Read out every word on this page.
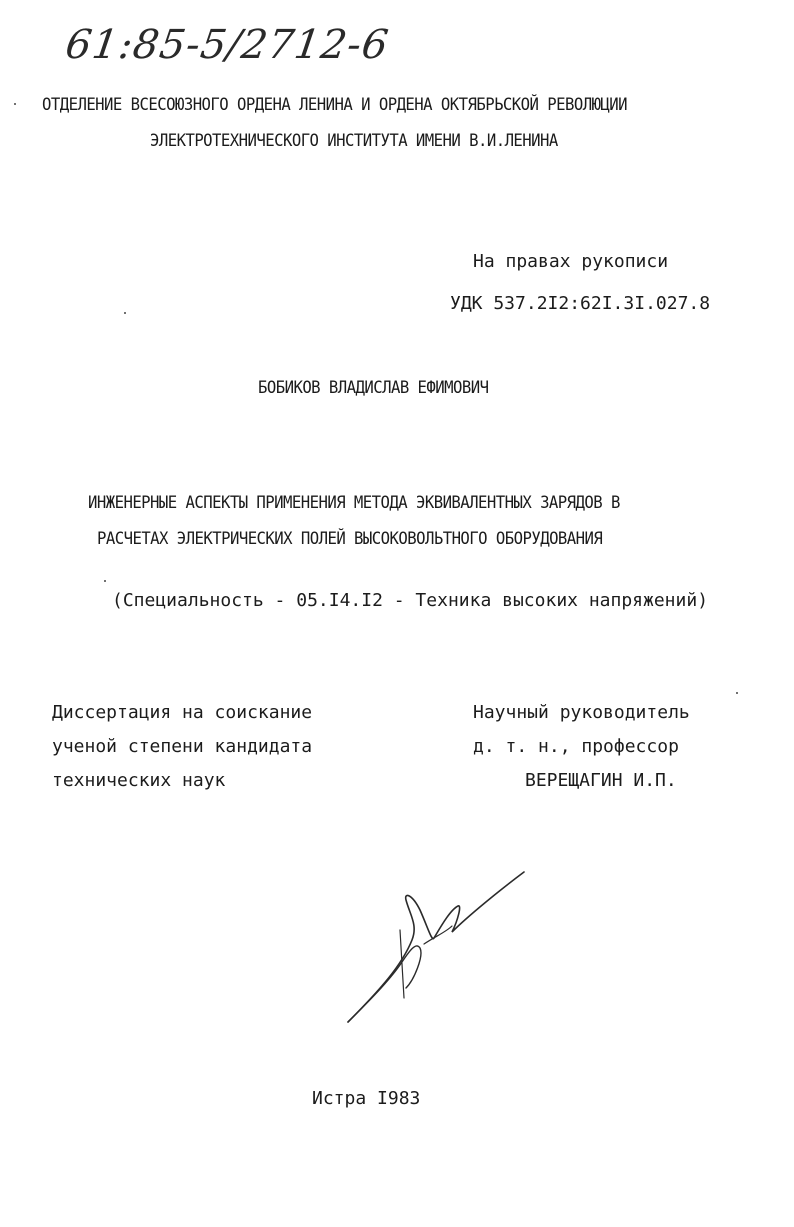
61:85-5/2712-6
ОТДЕЛЕНИЕ ВСЕСОЮЗНОГО ОРДЕНА ЛЕНИНА И ОРДЕНА ОКТЯБРЬСКОЙ РЕВОЛЮЦИИ
ЭЛЕКТРОТЕХНИЧЕСКОГО ИНСТИТУТА ИМЕНИ В.И.ЛЕНИНА
На правах рукописи
УДК 537.2I2:62I.3I.027.8
БОБИКОВ ВЛАДИСЛАВ ЕФИМОВИЧ
ИНЖЕНЕРНЫЕ АСПЕКТЫ ПРИМЕНЕНИЯ МЕТОДА ЭКВИВАЛЕНТНЫХ ЗАРЯДОВ В
РАСЧЕТАХ ЭЛЕКТРИЧЕСКИХ ПОЛЕЙ ВЫСОКОВОЛЬТНОГО ОБОРУДОВАНИЯ
(Специальность - 05.I4.I2 - Техника высоких напряжений)
Диссертация на соискание
ученой степени кандидата
технических наук
Научный руководитель
д. т. н., профессор
ВЕРЕЩАГИН И.П.
Истра I983
